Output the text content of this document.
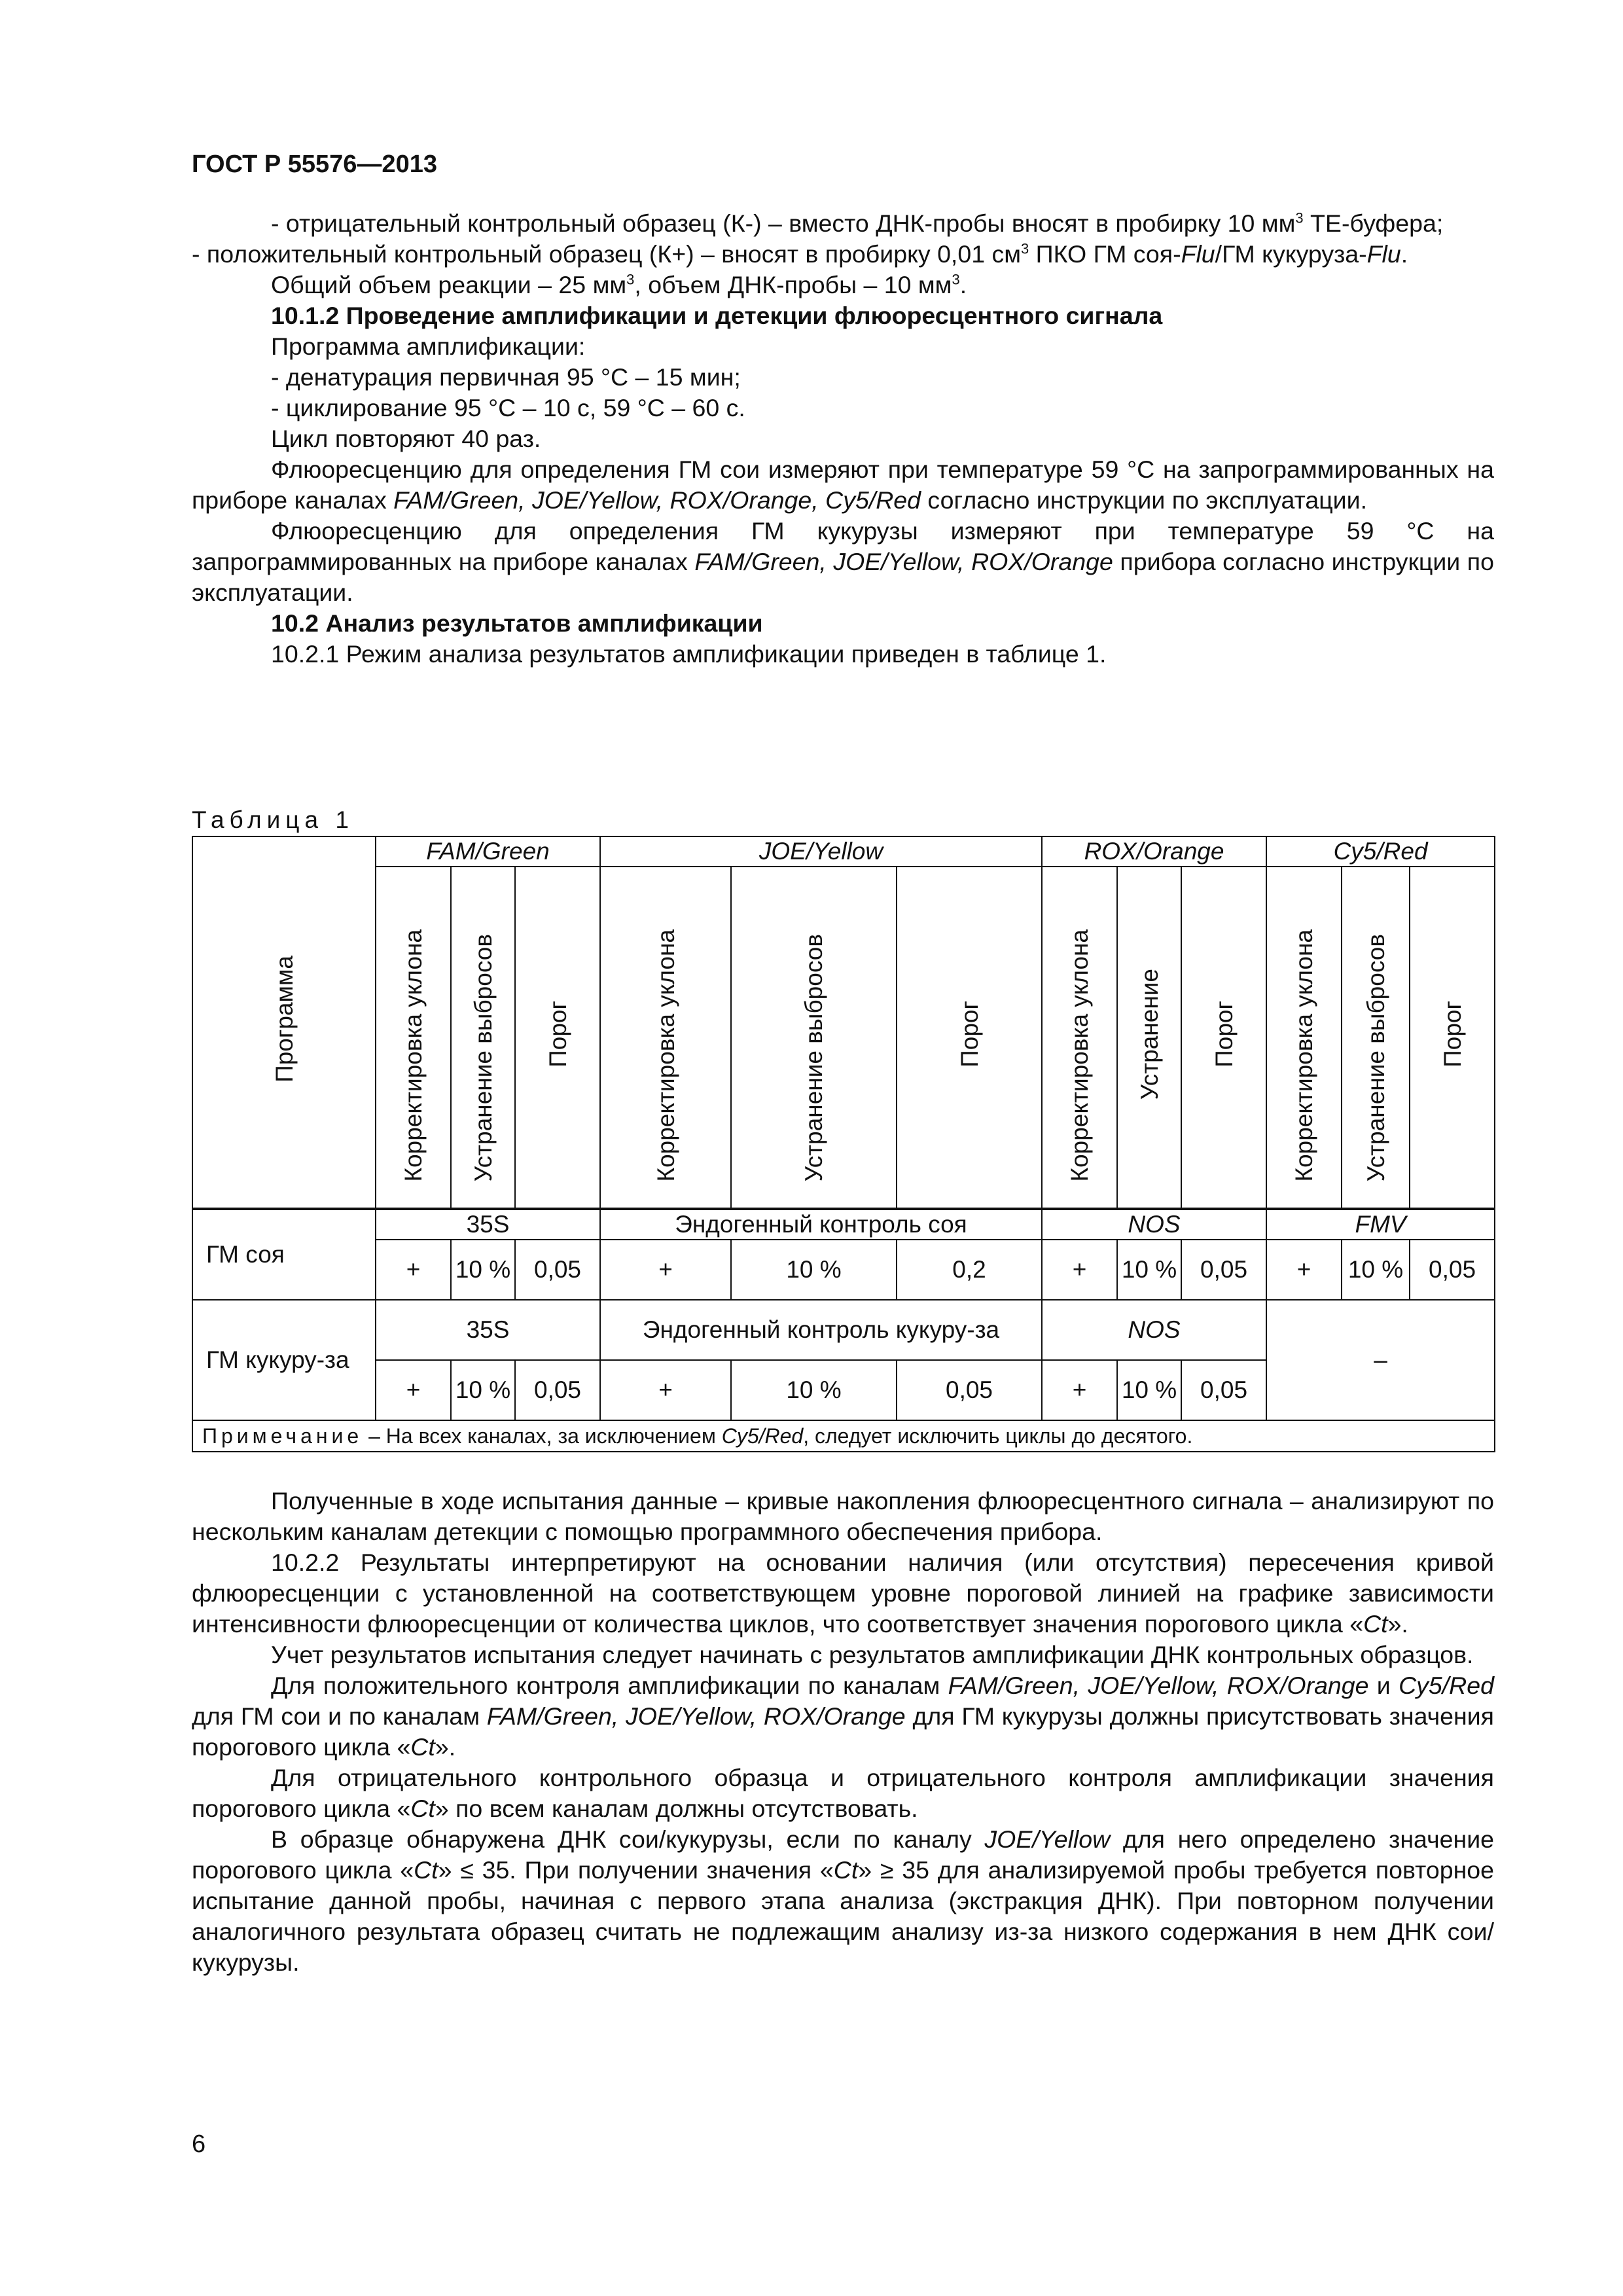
ГОСТ Р 55576—2013

- отрицательный контрольный образец (К-) – вместо ДНК-пробы вносят в пробирку 10 $мм^3$ ТЕ-буфера;

- положительный контрольный образец (К+) – вносят в пробирку 0,01 $см^3$ ПКО ГМ соя-Flu/ГМ кукуруза-Flu.

Общий объем реакции – 25 $мм^3$, объем ДНК-пробы – 10 $мм^3$.

10.1.2 Проведение амплификации и детекции флюоресцентного сигнала

Программа амплификации:

- денатурация первичная 95 °С – 15 мин;

- циклирование 95 °С – 10 с, 59 °С – 60 с.

Цикл повторяют 40 раз.

Флюоресценцию для определения ГМ сои измеряют при температуре 59 °С на запрограммированных на приборе каналах FAM/Green, JOE/Yellow, ROX/Orange, Cy5/Red согласно инструкции по эксплуатации.

Флюоресценцию для определения ГМ кукурузы измеряют при температуре 59 °С на запрограммированных на приборе каналах FAM/Green, JOE/Yellow, ROX/Orange прибора согласно инструкции по эксплуатации.

10.2 Анализ результатов амплификации

10.2.1 Режим анализа результатов амплификации приведен в таблице 1.

Таблица 1
Программа	FAM/Green			JOE/Yellow			ROX/Orange			Cy5/Red		
	Корректировка уклона	Устранение выбросов	Порог	Корректировка уклона	Устранение выбросов	Порог	Корректировка уклона	Устранение	Порог	Корректировка уклона	Устранение выбросов	Порог
ГМ соя	35S			Эндогенный контроль соя			NOS			FMV		
	+	10 %	0,05	+	10 %	0,2	+	10 %	0,05	+	10 %	0,05
ГМ кукуру-за	35S			Эндогенный контроль кукуру-за			NOS			–		
	+	10 %	0,05	+	10 %	0,05	+	10 %	0,05			
Примечание – На всех каналах, за исключением Cy5/Red, следует исключить циклы до десятого.												

Полученные в ходе испытания данные – кривые накопления флюоресцентного сигнала – анализируют по нескольким каналам детекции с помощью программного обеспечения прибора.

10.2.2 Результаты интерпретируют на основании наличия (или отсутствия) пересечения кривой флюоресценции с установленной на соответствующем уровне пороговой линией на графике зависимости интенсивности флюоресценции от количества циклов, что соответствует значения порогового цикла «Ct».

Учет результатов испытания следует начинать с результатов амплификации ДНК контрольных образцов.

Для положительного контроля амплификации по каналам FAM/Green, JOE/Yellow, ROX/Orange и Cy5/Red для ГМ сои и по каналам FAM/Green, JOE/Yellow, ROX/Orange для ГМ кукурузы должны присутствовать значения порогового цикла «Ct».

Для отрицательного контрольного образца и отрицательного контроля амплификации значения порогового цикла «Ct» по всем каналам должны отсутствовать.

В образце обнаружена ДНК сои/кукурузы, если по каналу JOE/Yellow для него определено значение порогового цикла «Ct» ≤ 35. При получении значения «Ct» ≥ 35 для анализируемой пробы требуется повторное испытание данной пробы, начиная с первого этапа анализа (экстракция ДНК). При повторном получении аналогичного результата образец считать не подлежащим анализу из-за низкого содержания в нем ДНК сои/кукурузы.

6
